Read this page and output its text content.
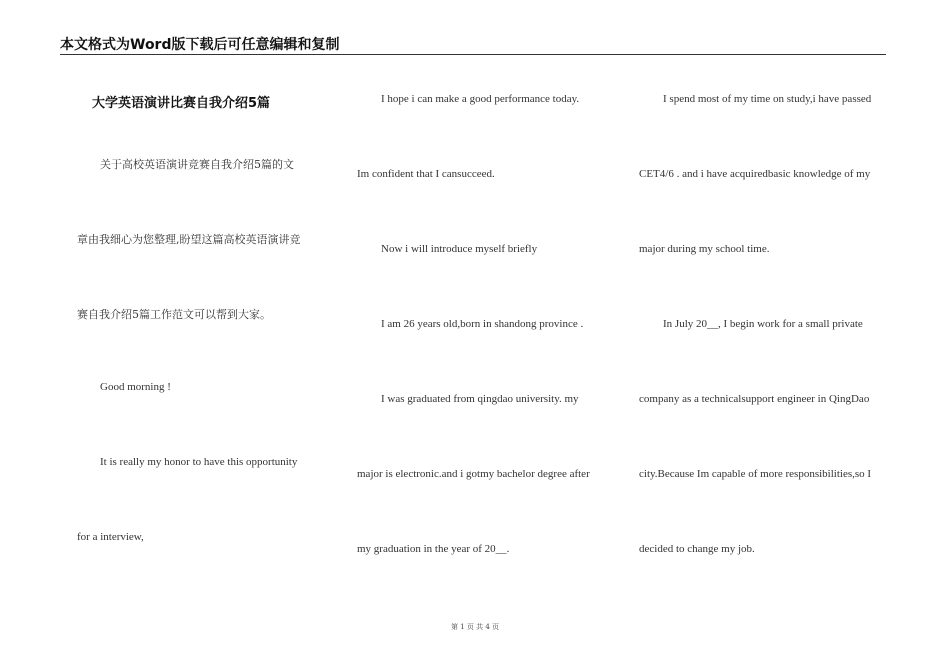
本文格式为Word版下载后可任意编辑和复制
大学英语演讲比赛自我介绍5篇
关于高校英语演讲竞赛自我介绍5篇的文
章由我细心为您整理,盼望这篇高校英语演讲竞
赛自我介绍5篇工作范文可以帮到大家。
Good morning !
It is really my honor to have this opportunity
for a interview,
I hope i can make a good performance today.
Im confident that I cansucceed.
Now i will introduce myself briefly
I am 26 years old,born in shandong province .
I was graduated from qingdao university. my
major is electronic.and i gotmy bachelor degree after
my graduation in the year of 20__.
I spend most of my time on study,i have passed
CET4/6 . and i have acquiredbasic knowledge of my
major during my school time.
In July 20__, I begin work for a small private
company as a technicalsupport engineer in QingDao
city.Because Im capable of more responsibilities,so I
decided to change my job.
第 1 页 共 4 页
